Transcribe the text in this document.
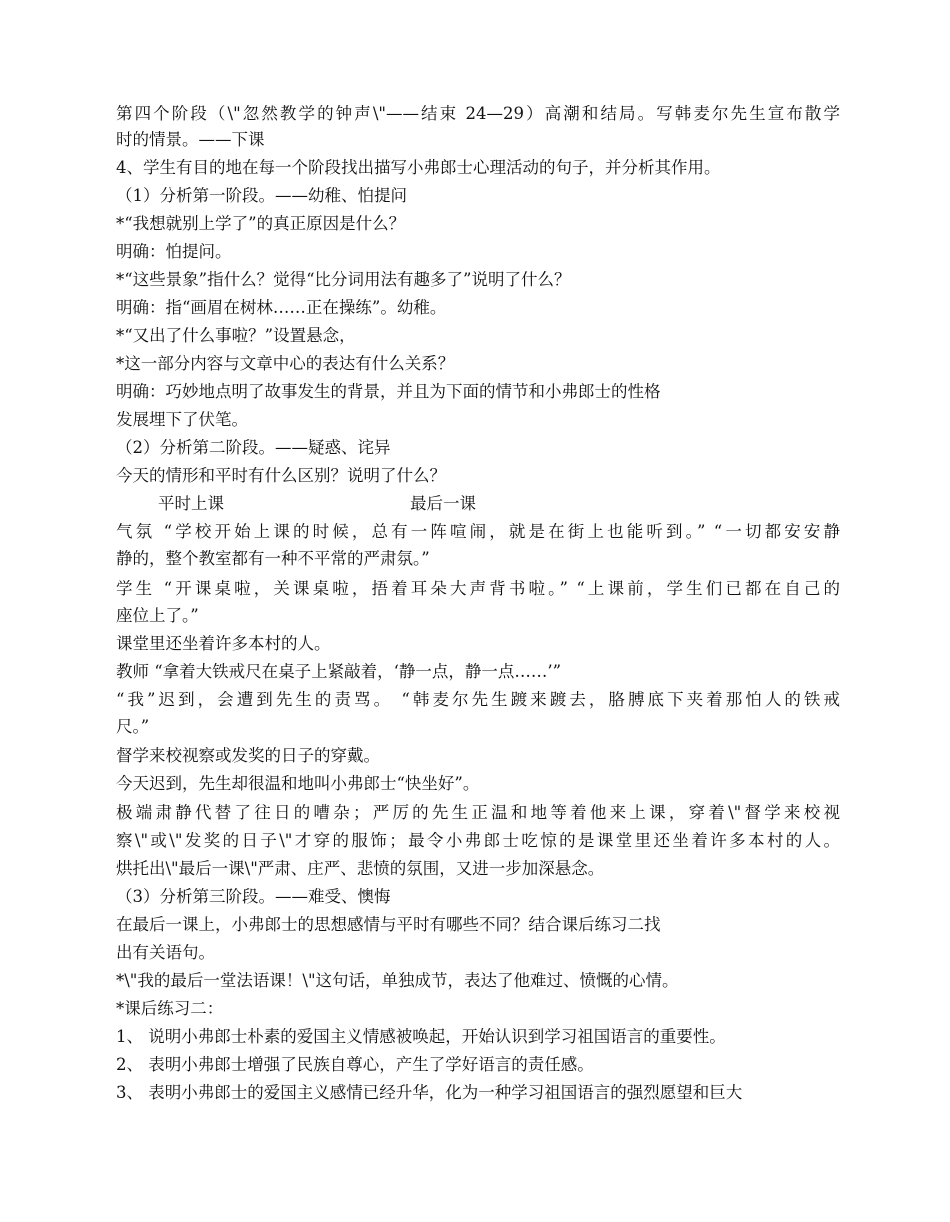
第四个阶段（\"忽然教学的钟声\"——结束 24—29）高潮和结局。写韩麦尔先生宣布散学
时的情景。——下课
4、学生有目的地在每一个阶段找出描写小弗郎士心理活动的句子，并分析其作用。
（1）分析第一阶段。——幼稚、怕提问
*“我想就别上学了”的真正原因是什么？
明确：怕提问。
*“这些景象”指什么？觉得“比分词用法有趣多了”说明了什么？
明确：指“画眉在树林……正在操练”。幼稚。
*“又出了什么事啦？”设置悬念，
*这一部分内容与文章中心的表达有什么关系？
明确：巧妙地点明了故事发生的背景，并且为下面的情节和小弗郎士的性格
发展埋下了伏笔。
（2）分析第二阶段。——疑惑、诧异
今天的情形和平时有什么区别？说明了什么？
平时上课	最后一课
气氛 “学校开始上课的时候，总有一阵喧闹，就是在街上也能听到。” “一切都安安静
静的，整个教室都有一种不平常的严肃氛。”
学生 “开课桌啦，关课桌啦，捂着耳朵大声背书啦。” “上课前，学生们已都在自己的
座位上了。”
课堂里还坐着许多本村的人。
教师 “拿着大铁戒尺在桌子上紧敲着，‘静一点，静一点……’”
“我”迟到，会遭到先生的责骂。 “韩麦尔先生踱来踱去，胳膊底下夹着那怕人的铁戒
尺。”
督学来校视察或发奖的日子的穿戴。
今天迟到，先生却很温和地叫小弗郎士“快坐好”。
极端肃静代替了往日的嘈杂；严厉的先生正温和地等着他来上课，穿着\"督学来校视
察\"或\"发奖的日子\"才穿的服饰；最令小弗郎士吃惊的是课堂里还坐着许多本村的人。
烘托出\"最后一课\"严肃、庄严、悲愤的氛围，又进一步加深悬念。
（3）分析第三阶段。——难受、懊悔
在最后一课上，小弗郎士的思想感情与平时有哪些不同？结合课后练习二找
出有关语句。
*\"我的最后一堂法语课！\"这句话，单独成节，表达了他难过、愤慨的心情。
*课后练习二：
1、 说明小弗郎士朴素的爱国主义情感被唤起，开始认识到学习祖国语言的重要性。
2、 表明小弗郎士增强了民族自尊心，产生了学好语言的责任感。
3、 表明小弗郎士的爱国主义感情已经升华，化为一种学习祖国语言的强烈愿望和巨大
